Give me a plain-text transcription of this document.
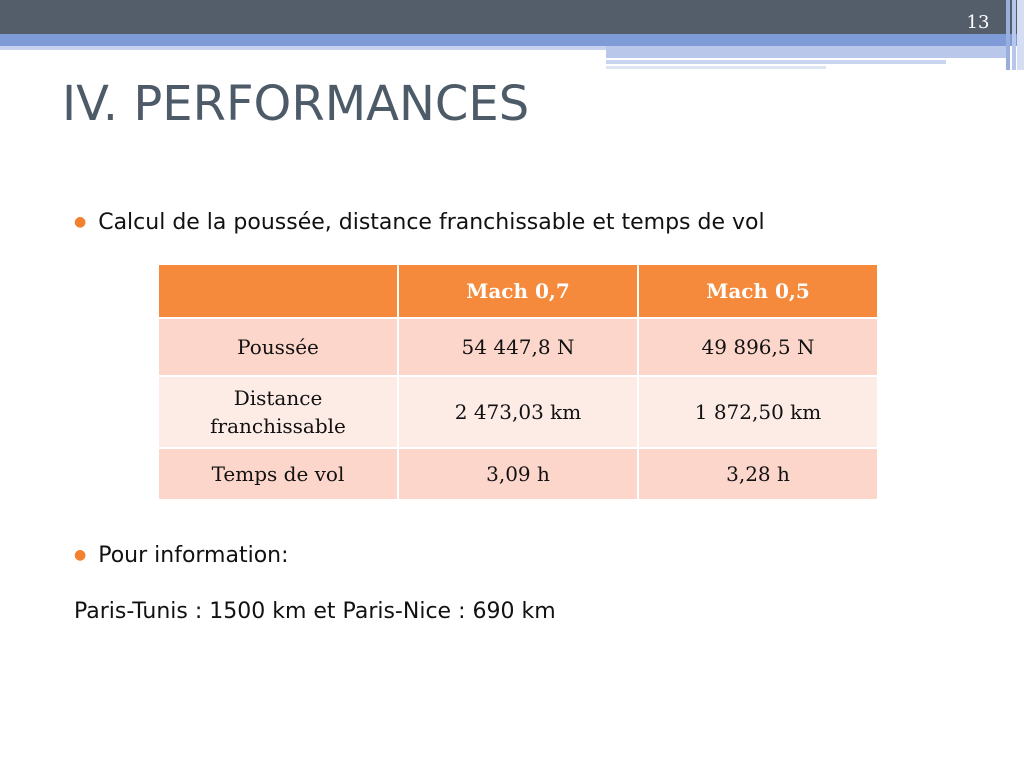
13
IV. PERFORMANCES
● Calcul de la poussée, distance franchissable et temps de vol
	Mach 0,7	Mach 0,5
Poussée	54 447,8 N	49 896,5 N
Distance franchissable	2 473,03 km	1 872,50 km
Temps de vol	3,09 h	3,28 h
● Pour information:
Paris-Tunis : 1500 km et Paris-Nice : 690 km
